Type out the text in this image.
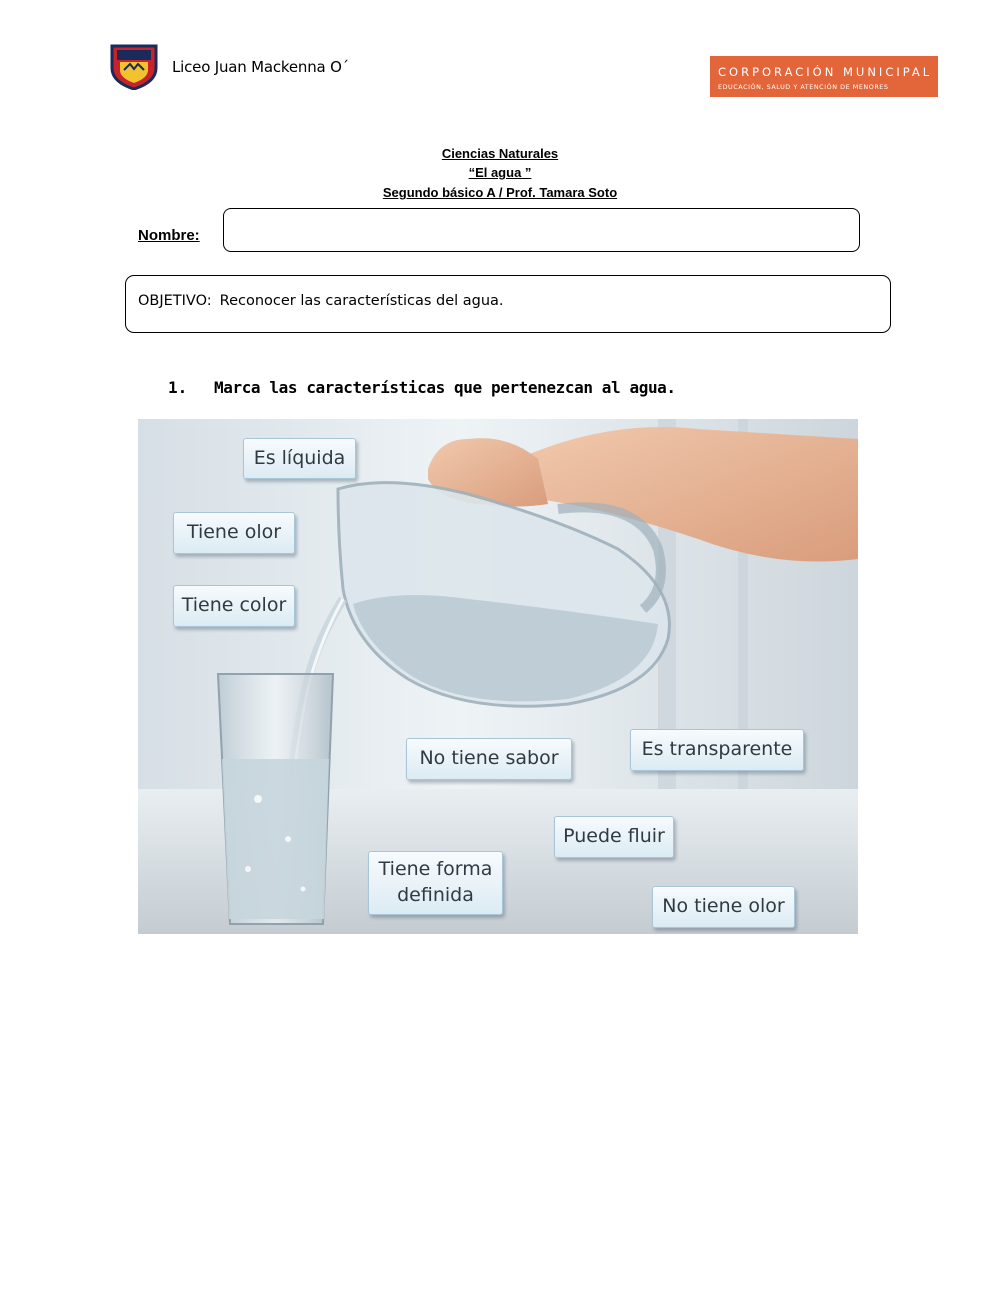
Liceo Juan Mackenna O´	CORPORACIÓN MUNICIPAL
EDUCACIÓN, SALUD Y ATENCIÓN DE MENORES
Ciencias Naturales
“El agua ”
Segundo básico A / Prof. Tamara Soto
Nombre:
OBJETIVO: Reconocer las características del agua.
1. Marca las características que pertenezcan al agua.
Es líquida
Tiene olor
Tiene color
No tiene sabor	Es transparente
Puede fluir
Tiene forma definida
No tiene olor
